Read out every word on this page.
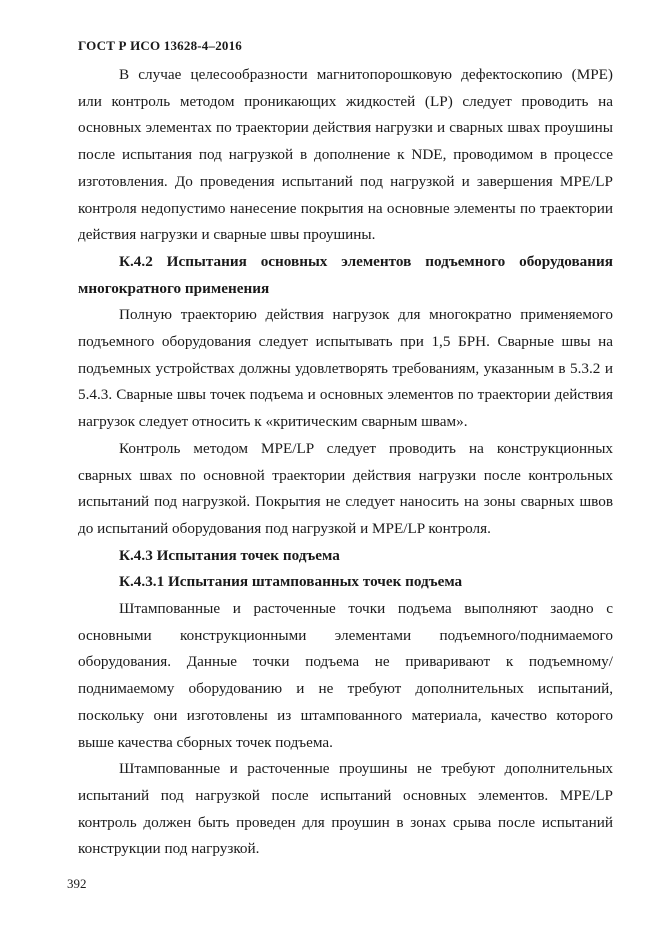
ГОСТ Р ИСО 13628-4–2016

В случае целесообразности магнитопорошковую дефектоскопию (MPE) или контроль методом проникающих жидкостей (LP) следует проводить на основных элементах по траектории действия нагрузки и сварных швах проушины после испытания под нагрузкой в дополнение к NDE, проводимом в процессе изготовления. До проведения испытаний под нагрузкой и завершения MPE/LP контроля недопустимо нанесение покрытия на основные элементы по траектории действия нагрузки и сварные швы проушины.

К.4.2 Испытания основных элементов подъемного оборудования многократного применения

Полную траекторию действия нагрузок для многократно применяемого подъемного оборудования следует испытывать при 1,5 БРН. Сварные швы на подъемных устройствах должны удовлетворять требованиям, указанным в 5.3.2 и 5.4.3. Сварные швы точек подъема и основных элементов по траектории действия нагрузок следует относить к «критическим сварным швам».

Контроль методом MPE/LP следует проводить на конструкционных сварных швах по основной траектории действия нагрузки после контрольных испытаний под нагрузкой. Покрытия не следует наносить на зоны сварных швов до испытаний оборудования под нагрузкой и MPE/LP контроля.

К.4.3 Испытания точек подъема

К.4.3.1 Испытания штампованных точек подъема

Штампованные и расточенные точки подъема выполняют заодно с основными конструкционными элементами подъемного/поднимаемого оборудования. Данные точки подъема не приваривают к подъемному/поднимаемому оборудованию и не требуют дополнительных испытаний, поскольку они изготовлены из штампованного материала, качество которого выше качества сборных точек подъема.

Штампованные и расточенные проушины не требуют дополнительных испытаний под нагрузкой после испытаний основных элементов. MPE/LP контроль должен быть проведен для проушин в зонах срыва после испытаний конструкции под нагрузкой.

392
